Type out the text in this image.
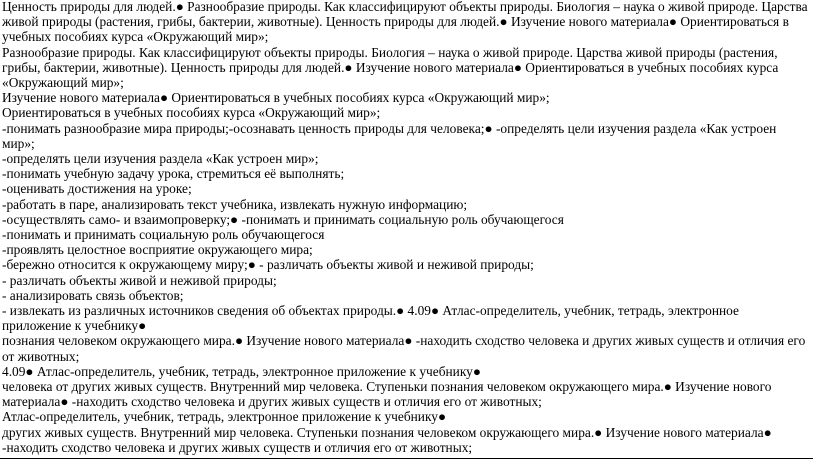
Ценность природы для людей.● Разнообразие природы. Как классифицируют объекты природы. Биология – наука о живой природе. Царства живой природы (растения, грибы, бактерии, животные). Ценность природы для людей.● Изучение нового материала● Ориентироваться в учебных пособиях курса «Окружающий мир»;

Разнообразие природы. Как классифицируют объекты природы. Биология – наука о живой природе. Царства живой природы (растения, грибы, бактерии, животные). Ценность природы для людей.● Изучение нового материала● Ориентироваться в учебных пособиях курса «Окружающий мир»;

Изучение нового материала● Ориентироваться в учебных пособиях курса «Окружающий мир»;

Ориентироваться в учебных пособиях курса «Окружающий мир»;

-понимать разнообразие мира природы;-осознавать ценность природы для человека;● -определять цели изучения раздела «Как устроен мир»;

-определять цели изучения раздела «Как устроен мир»;

-понимать учебную задачу урока, стремиться её выполнять;

-оценивать достижения на уроке;

-работать в паре, анализировать текст учебника, извлекать нужную информацию;

-осуществлять само- и взаимопроверку;● -понимать и принимать социальную роль обучающегося

-понимать и принимать социальную роль обучающегося

-проявлять целостное восприятие окружающего мира;

-бережно относится к окружающему миру;● - различать объекты живой и неживой природы;

- различать объекты живой и неживой природы;

- анализировать связь объектов;

- извлекать из различных источников сведения об объектах природы.● 4.09● Атлас-определитель, учебник, тетрадь, электронное приложение к учебнику●

познания человеком окружающего мира.● Изучение нового материала● -находить сходство человека и других живых существ и отличия его от животных;

4.09● Атлас-определитель, учебник, тетрадь, электронное приложение к учебнику●

человека от других живых существ. Внутренний мир человека. Ступеньки познания человеком окружающего мира.● Изучение нового материала● -находить сходство человека и других живых существ и отличия его от животных;

Атлас-определитель, учебник, тетрадь, электронное приложение к учебнику●

других живых существ. Внутренний мир человека. Ступеньки познания человеком окружающего мира.● Изучение нового материала● -находить сходство человека и других живых существ и отличия его от животных;
